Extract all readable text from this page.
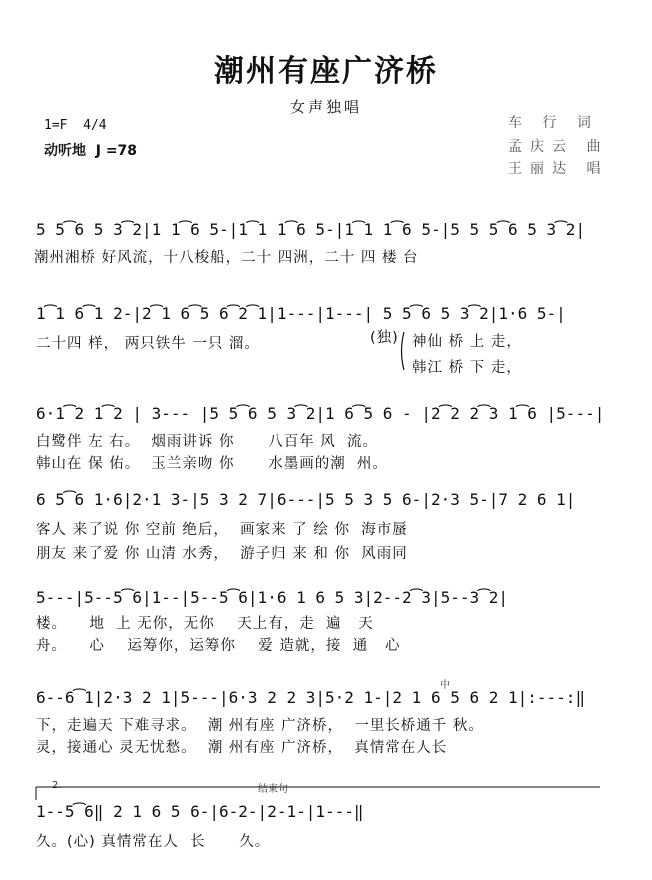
潮州有座广济桥
女声独唱
1=F  4/4
动听地  J =78
车 行 词
孟庆云 曲
王丽达 唱
5 5͡6 5 3͡2|1 1͡6 5-|1͡1 1͡6 5-|1͡1 1͡6 5-|5 5 5͡6 5 3͡2|
潮州湘桥 好风流，十八梭船，二十 四洲，二十 四 楼 台
1͡1 6͡1 2-|2͡1 6͡5 6͡2͡1|1---|1---| 5 5͡6 5 3͡2|1·6 5-|
二十四 样， 两只铁牛 一只 溜。	(独) 神仙 桥 上 走，
韩江 桥 下 走，
6·1͡2 1͡2 | 3--- |5 5͡6 5 3͡2|1 6͡5 6 - |2͡2 2͡3 1͡6 |5---|
白鹭伴 左 右。  烟雨讲诉 你      八百年 风  流。
韩山在 保 佑。  玉兰亲吻 你      水墨画的潮  州。
6 5͡6 1·6|2·1 3-|5 3 2 7|6---|5 5 3 5 6-|2·3 5-|7 2 6 1|
客人 来了说 你 空前 绝后，  画家来 了 绘 你  海市蜃
朋友 来了爱 你 山清 水秀，  游子归 来 和 你  风雨同
5---|5--5͡6|1--|5--5͡6|1·6 1 6 5 3|2--2͡3|5--3͡2|
楼。    地  上 无你，无你    天上有，走  遍   天
舟。    心    运筹你，运筹你    爱 造就，接  通   心
中
6--6͡1|2·3 2 1|5---|6·3 2 2 3|5·2 1-|2 1 6 5 6 2 1|:---:‖
下，走遍天 下难寻求。  潮 州有座 广济桥，  一里长桥通千 秋。
灵，接通心 灵无忧愁。  潮 州有座 广济桥，  真情常在人长
2.	结束句
1--5͡6‖ 2 1 6 5 6-|6-2-|2-1-|1---‖
久。(心) 真情常在人  长      久。
